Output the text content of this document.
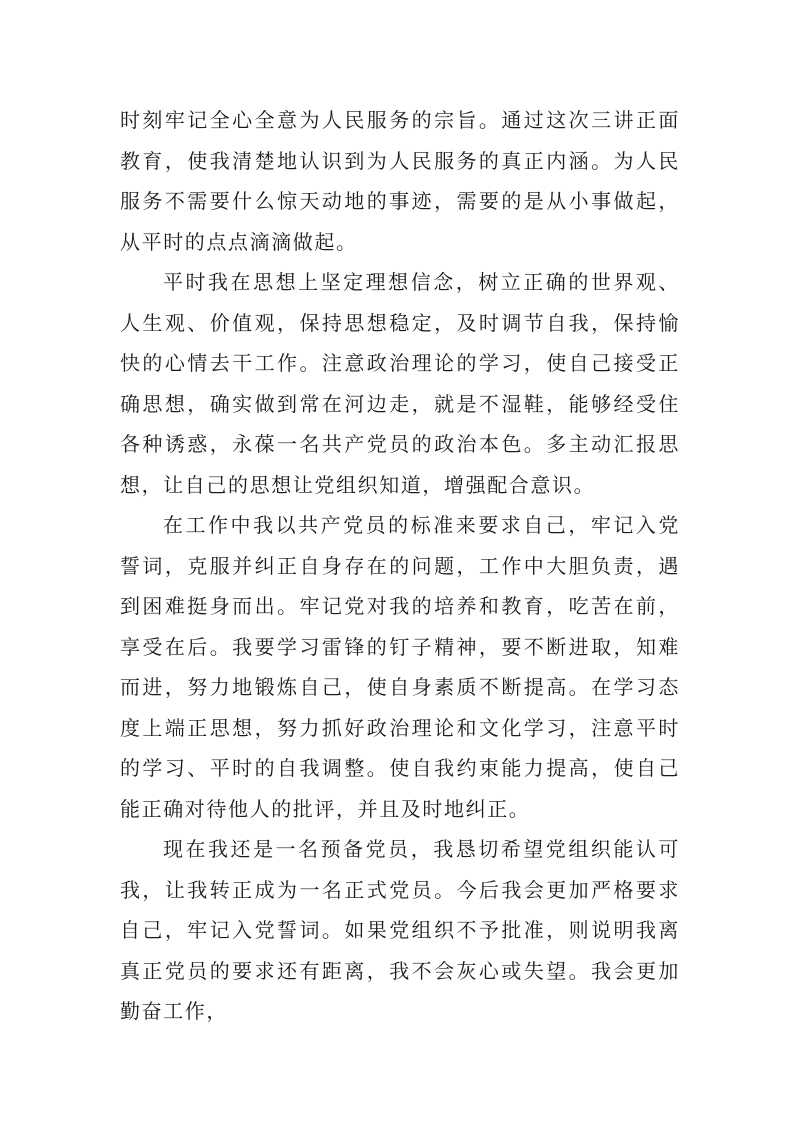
时刻牢记全心全意为人民服务的宗旨。通过这次三讲正面教育，使我清楚地认识到为人民服务的真正内涵。为人民服务不需要什么惊天动地的事迹，需要的是从小事做起，从平时的点点滴滴做起。

平时我在思想上坚定理想信念，树立正确的世界观、人生观、价值观，保持思想稳定，及时调节自我，保持愉快的心情去干工作。注意政治理论的学习，使自己接受正确思想，确实做到常在河边走，就是不湿鞋，能够经受住各种诱惑，永葆一名共产党员的政治本色。多主动汇报思想，让自己的思想让党组织知道，增强配合意识。

在工作中我以共产党员的标准来要求自己，牢记入党誓词，克服并纠正自身存在的问题，工作中大胆负责，遇到困难挺身而出。牢记党对我的培养和教育，吃苦在前，享受在后。我要学习雷锋的钉子精神，要不断进取，知难而进，努力地锻炼自己，使自身素质不断提高。在学习态度上端正思想，努力抓好政治理论和文化学习，注意平时的学习、平时的自我调整。使自我约束能力提高，使自己能正确对待他人的批评，并且及时地纠正。

现在我还是一名预备党员，我恳切希望党组织能认可我，让我转正成为一名正式党员。今后我会更加严格要求自己，牢记入党誓词。如果党组织不予批准，则说明我离真正党员的要求还有距离，我不会灰心或失望。我会更加勤奋工作，
